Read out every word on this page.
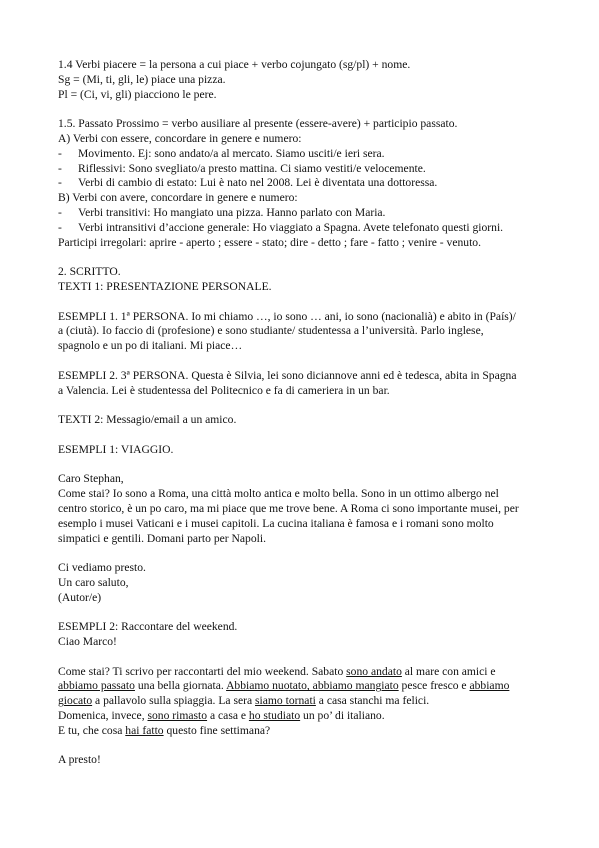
1.4 Verbi piacere = la persona a cui piace + verbo cojungato (sg/pl) + nome.

Sg = (Mi, ti, gli, le) piace una pizza.

Pl = (Ci, vi, gli) piacciono le pere.

1.5. Passato Prossimo = verbo ausiliare al presente (essere-avere) + participio passato.

A) Verbi con essere, concordare in genere e numero:

- Movimento. Ej: sono andato/a al mercato. Siamo usciti/e ieri sera.
- Riflessivi: Sono svegliato/a presto mattina. Ci siamo vestiti/e velocemente.
- Verbi di cambio di estato: Lui è nato nel 2008. Lei è diventata una dottoressa.

B) Verbi con avere, concordare in genere e numero:

- Verbi transitivi: Ho mangiato una pizza. Hanno parlato con Maria.
- Verbi intransitivi d’accione generale: Ho viaggiato a Spagna. Avete telefonato questi giorni.

Participi irregolari: aprire - aperto ; essere - stato; dire - detto ; fare - fatto ; venire - venuto.

2. SCRITTO.

TEXTI 1: PRESENTAZIONE PERSONALE.

ESEMPLI 1. 1ª PERSONA. Io mi chiamo …, io sono … ani, io sono (nacionalià) e abito in (País)/

a (ciutà). Io faccio di (profesione) e sono studiante/ studentessa a l’università. Parlo inglese,

spagnolo e un po di italiani. Mi piace…

ESEMPLI 2. 3ª PERSONA. Questa è Silvia, lei sono diciannove anni ed è tedesca, abita in Spagna

a Valencia. Lei è studentessa del Politecnico e fa di cameriera in un bar.

TEXTI 2: Messagio/email a un amico.

ESEMPLI 1: VIAGGIO.

Caro Stephan,

Come stai? Io sono a Roma, una città molto antica e molto bella. Sono in un ottimo albergo nel

centro storico, è un po caro, ma mi piace que me trove bene. A Roma ci sono importante musei, per

esemplo i musei Vaticani e i musei capitoli. La cucina italiana è famosa e i romani sono molto

simpatici e gentili. Domani parto per Napoli.

Ci vediamo presto.

Un caro saluto,

(Autor/e)

ESEMPLI 2: Raccontare del weekend.

Ciao Marco!

Come stai? Ti scrivo per raccontarti del mio weekend. Sabato sono andato al mare con amici e

abbiamo passato una bella giornata. Abbiamo nuotato, abbiamo mangiato pesce fresco e abbiamo

giocato a pallavolo sulla spiaggia. La sera siamo tornati a casa stanchi ma felici.

Domenica, invece, sono rimasto a casa e ho studiato un po’ di italiano.

E tu, che cosa hai fatto questo fine settimana?

A presto!
